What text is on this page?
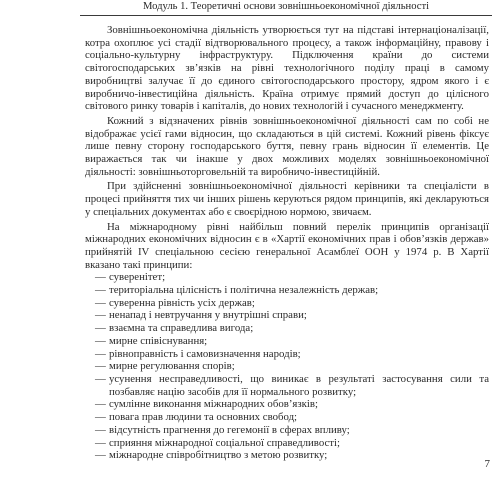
Модуль 1. Теоретичні основи зовнішньоекономічної діяльності

Зовнішньоекономічна діяльність утворюється тут на підставі інтернаціоналізації, котра охоплює усі стадії відтворювального процесу, а також інформаційну, правову і соціально-культурну інфраструктуру. Підключення країни до системи світогосподарських зв’язків на рівні технологічного поділу праці в самому виробництві залучає її до єдиного світогосподарського простору, ядром якого і є виробничо-інвестиційна діяльність. Країна отримує прямий доступ до цілісного світового ринку товарів і капіталів, до нових технологій і сучасного менеджменту.

Кожний з відзначених рівнів зовнішньоекономічної діяльності сам по собі не відображає усієї гами відносин, що складаються в цій системі. Кожний рівень фіксує лише певну сторону господарського буття, певну грань відносин її елементів. Це виражається так чи інакше у двох можливих моделях зовнішньоекономічної діяльності: зовнішньоторговельній та виробничо-інвестиційній.

При здійсненні зовнішньоекономічної діяльності керівники та спеціалісти в процесі прийняття тих чи інших рішень керуються рядом принципів, які декларуються у спеціальних документах або є своєрідною нормою, звичаєм.

На міжнародному рівні найбільш повний перелік принципів організації міжнародних економічних відносин є в «Хартії економічних прав і обов’язків держав» прийнятій IV спеціальною сесією генеральної Асамблеї ООН у 1974 р. В Хартії вказано такі принципи:

— суверенітет;
— територіальна цілісність і політична незалежність держав;
— суверенна рівність усіх держав;
— ненапад і невтручання у внутрішні справи;
— взаємна та справедлива вигода;
— мирне співіснування;
— рівноправність і самовизначення народів;
— мирне регулювання спорів;
— усунення несправедливості, що виникає в результаті застосування сили та позбавляє націю засобів для її нормального розвитку;
— сумлінне виконання міжнародних обов’язків;
— повага прав людини та основних свобод;
— відсутність прагнення до гегемонії в сферах впливу;
— сприяння міжнародної соціальної справедливості;
— міжнародне співробітництво з метою розвитку;
7
